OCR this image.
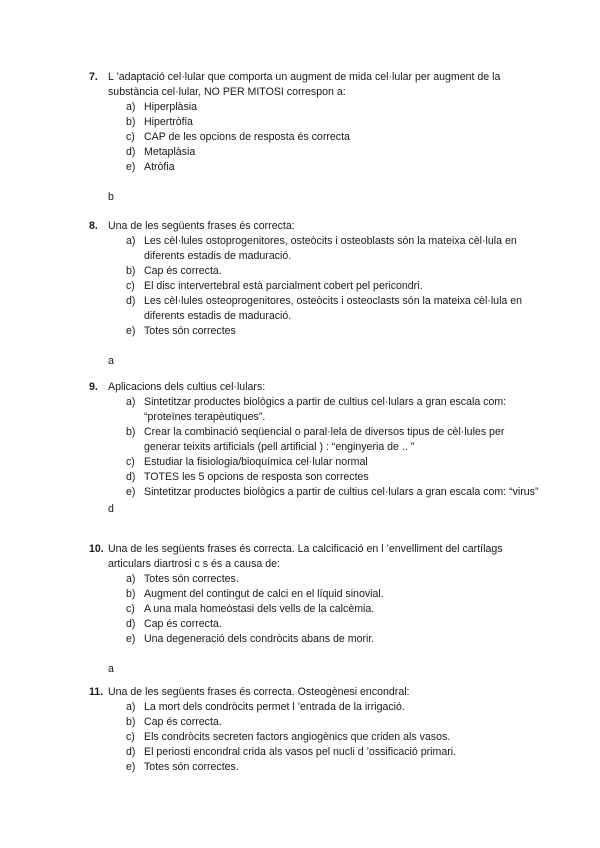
7. L ’adaptació cel·lular que comporta un augment de mida cel·lular per augment de la substància cel·lular, NO PER MITOSI correspon a:
a) Hiperplàsia
b) Hipertròfia
c) CAP de les opcions de resposta és correcta
d) Metaplàsia
e) Atròfia
b
8. Una de les següents frases és correcta:
a) Les cèl·lules ostoprogenitores, osteòcits i osteoblasts són la mateixa cèl·lula en diferents estadis de maduració.
b) Cap és correcta.
c) El disc intervertebral està parcialment cobert pel pericondri.
d) Les cèl·lules osteoprogenitores, osteòcits i osteoclasts són la mateixa cèl·lula en diferents estadis de maduració.
e) Totes són correctes
a
9. Aplicacions dels cultius cel·lulars:
a) Sintetitzar productes biològics a partir de cultius cel·lulars a gran escala com: “proteïnes terapèutiques”.
b) Crear la combinació seqüencial o paral·lela de diversos tipus de cèl·lules per generar teixits artificials (pell artificial ) : “enginyeria de .. ”
c) Estudiar la fisiologia/bioquímica cel·lular normal
d) TOTES les 5 opcions de resposta son correctes
e) Sintetitzar productes biològics a partir de cultius cel·lulars a gran escala com: “virus”
d
10. Una de les següents frases és correcta. La calcificació en l ’envelliment del cartílags articulars diartrosi c s és a causa de:
a) Totes són correctes.
b) Augment del contingut de calci en el líquid sinovial.
c) A una mala homeòstasi dels vells de la calcèmia.
d) Cap és correcta.
e) Una degeneració dels condròcits abans de morir.
a
11. Una de les següents frases és correcta. Osteogènesi encondral:
a) La mort dels condròcits permet l ’entrada de la irrigació.
b) Cap és correcta.
c) Els condròcits secreten factors angiogènics que criden als vasos.
d) El periosti encondral crida als vasos pel nucli d ’ossificació primari.
e) Totes són correctes.
